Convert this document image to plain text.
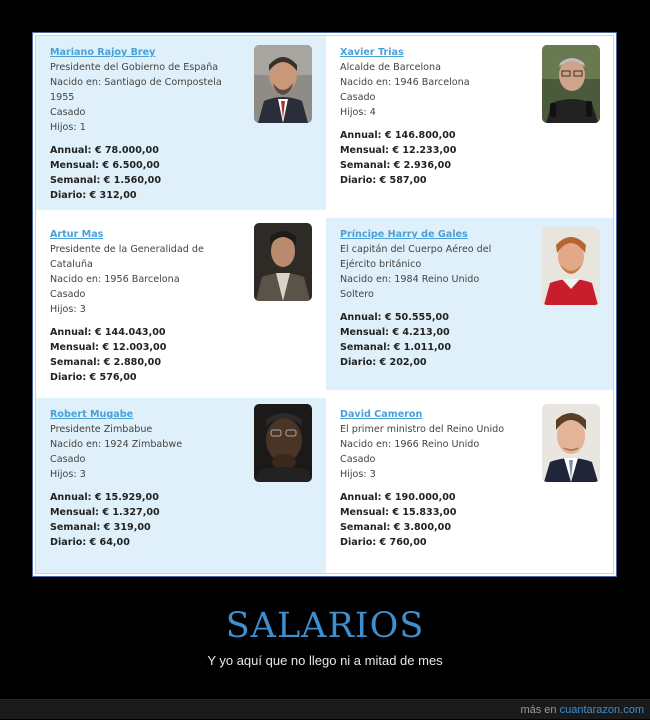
Mariano Rajoy Brey
Presidente del Gobierno de España
Nacido en: Santiago de Compostela
1955
Casado
Hijos: 1
Annual: € 78.000,00
Mensual: € 6.500,00
Semanal: € 1.560,00
Diario: € 312,00
Xavier Trias
Alcalde de Barcelona
Nacido en: 1946 Barcelona
Casado
Hijos: 4
Annual: € 146.800,00
Mensual: € 12.233,00
Semanal: € 2.936,00
Diario: € 587,00
Artur Mas
Presidente de la Generalidad de
Cataluña
Nacido en: 1956 Barcelona
Casado
Hijos: 3
Annual: € 144.043,00
Mensual: € 12.003,00
Semanal: € 2.880,00
Diario: € 576,00
Príncipe Harry de Gales
El capitán del Cuerpo Aéreo del
Ejército británico
Nacido en: 1984 Reino Unido
Soltero
Annual: € 50.555,00
Mensual: € 4.213,00
Semanal: € 1.011,00
Diario: € 202,00
Robert Mugabe
Presidente Zimbabue
Nacido en: 1924 Zimbabwe
Casado
Hijos: 3
Annual: € 15.929,00
Mensual: € 1.327,00
Semanal: € 319,00
Diario: € 64,00
David Cameron
El primer ministro del Reino Unido
Nacido en: 1966 Reino Unido
Casado
Hijos: 3
Annual: € 190.000,00
Mensual: € 15.833,00
Semanal: € 3.800,00
Diario: € 760,00
SALARIOS
Y yo aquí que no llego ni a mitad de mes
más en cuantarazon.com
